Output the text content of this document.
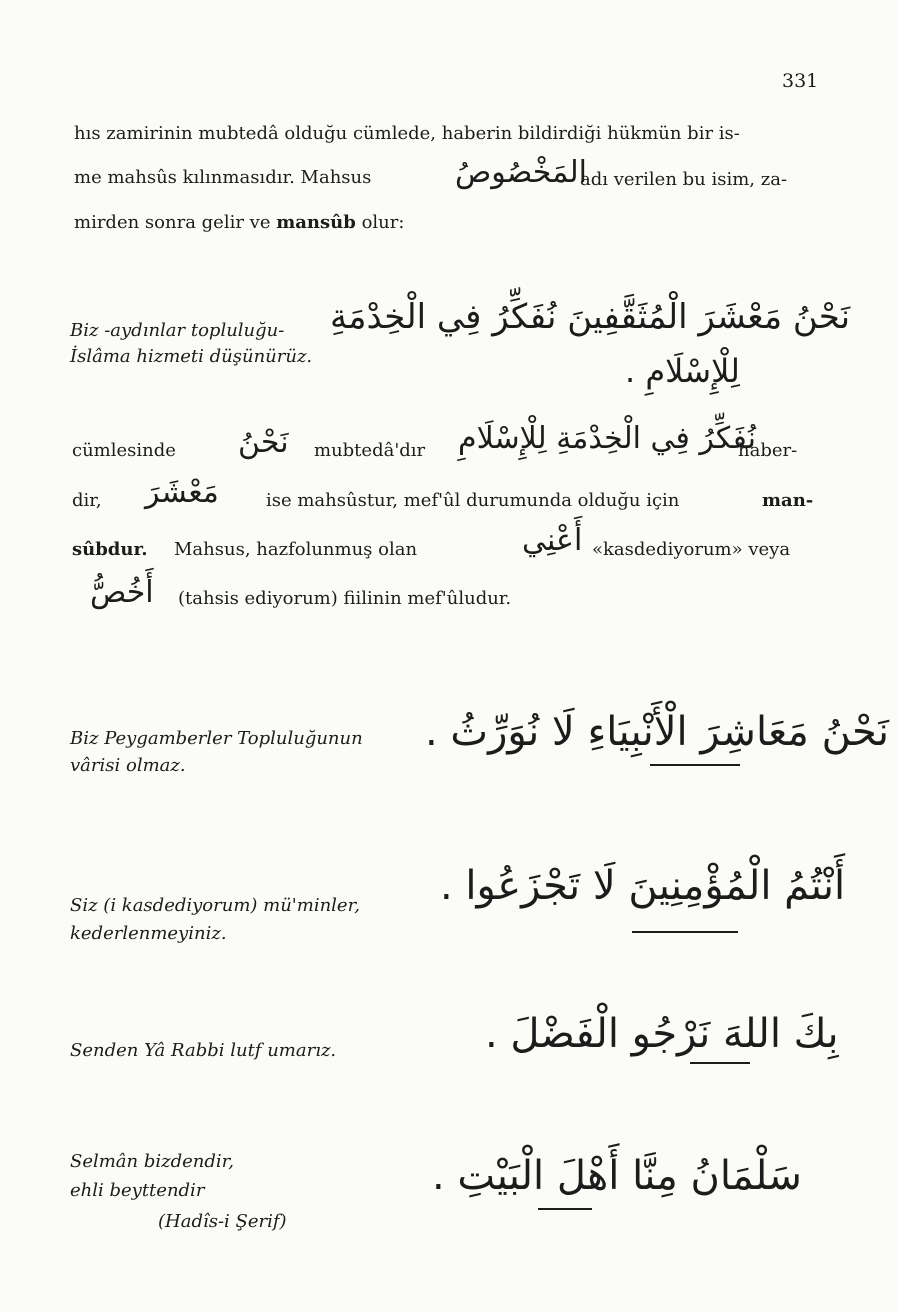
331
hıs zamirinin mubtedâ olduğu cümlede, haberin bildirdiği hükmün bir is-
me mahsûs kılınmasıdır. Mahsus	المَخْصُوصُ
adı verilen bu isim, za-
mirden sonra gelir ve mansûb olur:
Biz -aydınlar topluluğu-
İslâma hizmeti düşünürüz.
نَحْنُ مَعْشَرَ الْمُثَقَّفِينَ نُفَكِّرُ فِي الْخِدْمَةِ
لِلْإِسْلَامِ .
cümlesinde نَحْنُ mubtedâ'dır نُفَكِّرُ فِي الْخِدْمَةِ لِلْإِسْلَامِ
haber-
dir, مَعْشَرَ	ise mahsûstur, mef'ûl durumunda olduğu için	man-
sûbdur. Mahsus, hazfolunmuş olan	أَعْنِي «kasdediyorum» veya
أَخُصُّ (tahsis ediyorum) fiilinin mef'ûludur.
Biz Peygamberler Topluluğunun
vârisi olmaz.
نَحْنُ مَعَاشِرَ الْأَنْبِيَاءِ لَا نُوَرِّثُ .
Siz (i kasdediyorum) mü'minler,
kederlenmeyiniz.
أَنْتُمُ الْمُؤْمِنِينَ لَا تَجْزَعُوا .
Senden Yâ Rabbi lutf umarız.	بِكَ اللهَ نَرْجُو الْفَضْلَ .
Selmân bizdendir,
ehli beyttendir
(Hadîs-i Şerif)
سَلْمَانُ مِنَّا أَهْلَ الْبَيْتِ .
